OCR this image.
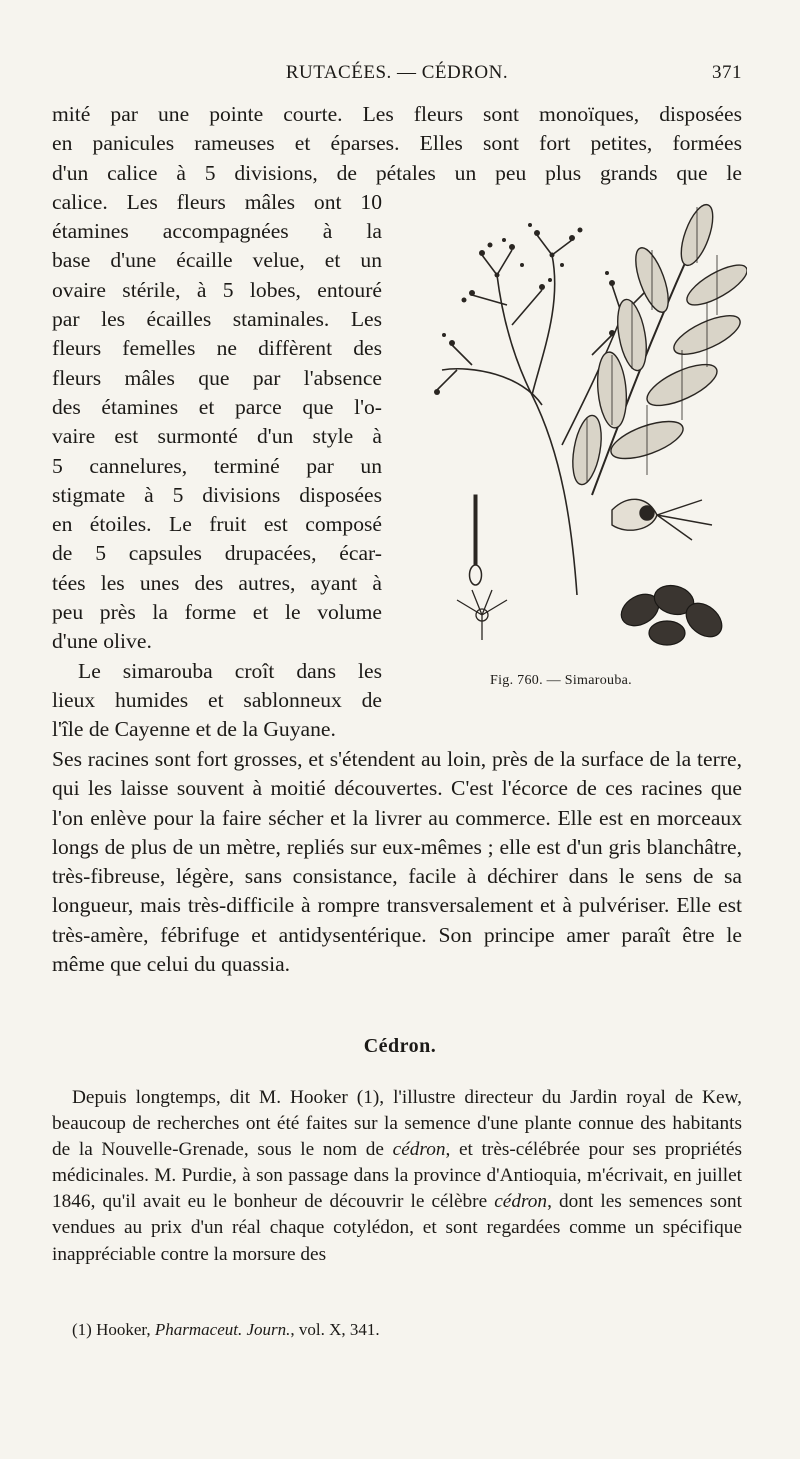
RUTACÉES. — CÉDRON.	371
mité par une pointe courte. Les fleurs sont monoïques, disposées
en panicules rameuses et éparses. Elles sont fort petites, formées
d'un calice à 5 divisions, de pétales un peu plus grands que le
calice. Les fleurs mâles ont 10
étamines accompagnées à la
base d'une écaille velue, et un
ovaire stérile, à 5 lobes, entouré
par les écailles staminales. Les
fleurs femelles ne diffèrent des
fleurs mâles que par l'absence
des étamines et parce que l'o-
vaire est surmonté d'un style à
5 cannelures, terminé par un
stigmate à 5 divisions disposées
en étoiles. Le fruit est composé
de 5 capsules drupacées, écar-
tées les unes des autres, ayant à
peu près la forme et le volume
d'une olive.
Le simarouba croît dans les
lieux humides et sablonneux de
l'île de Cayenne et de la Guyane.
Fig. 760. — Simarouba.
Ses racines sont fort grosses, et s'étendent au loin, près de la surface de la terre, qui les laisse souvent à moitié découvertes. C'est l'écorce de ces racines que l'on enlève pour la faire sécher et la livrer au commerce. Elle est en morceaux longs de plus de un mètre, repliés sur eux-mêmes ; elle est d'un gris blanchâtre, très-fibreuse, légère, sans consistance, facile à déchirer dans le sens de sa longueur, mais très-difficile à rompre transversalement et à pulvériser. Elle est très-amère, fébrifuge et antidysentérique. Son principe amer paraît être le même que celui du quassia.
Cédron.
Depuis longtemps, dit M. Hooker (1), l'illustre directeur du Jardin royal de Kew, beaucoup de recherches ont été faites sur la semence d'une plante connue des habitants de la Nouvelle-Grenade, sous le nom de cédron, et très-célébrée pour ses propriétés médicinales. M. Purdie, à son passage dans la province d'Antioquia, m'écrivait, en juillet 1846, qu'il avait eu le bonheur de découvrir le célèbre cédron, dont les semences sont vendues au prix d'un réal chaque cotylédon, et sont regardées comme un spécifique inappréciable contre la morsure des
(1) Hooker, Pharmaceut. Journ., vol. X, 341.
